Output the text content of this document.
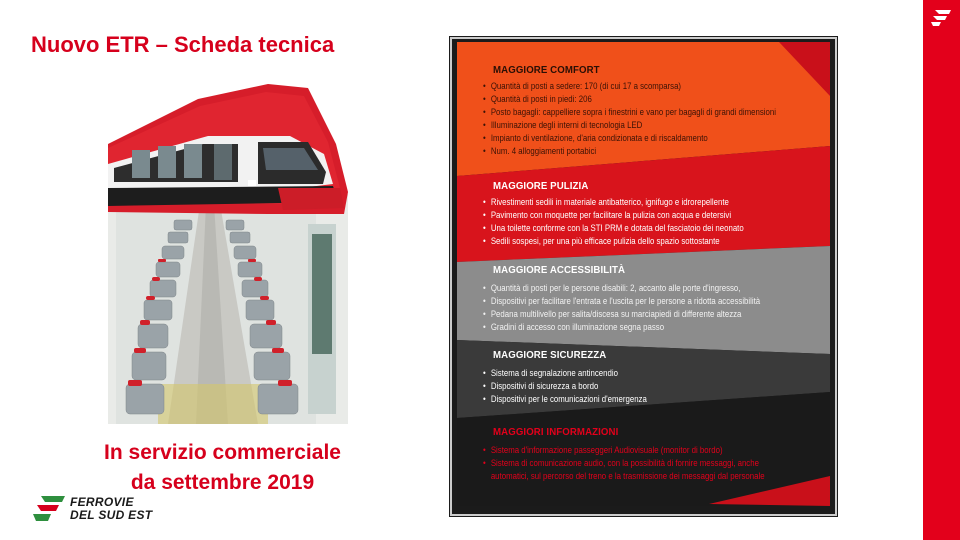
Nuovo ETR – Scheda tecnica
In servizio commerciale
da settembre 2019
FERROVIE
DEL SUD EST
MAGGIORE COMFORT
• Quantità di posti a sedere: 170 (di cui 17 a scomparsa)
• Quantità di posti in piedi: 206
• Posto bagagli: cappelliere sopra i finestrini e vano per bagagli di grandi dimensioni
• Illuminazione degli interni di tecnologia LED
• Impianto di ventilazione, d'aria condizionata e di riscaldamento
• Num. 4 alloggiamenti portabici
MAGGIORE PULIZIA
• Rivestimenti sedili in materiale antibatterico, ignifugo e idrorepellente
• Pavimento con moquette per facilitare la pulizia con acqua e detersivi
• Una toilette conforme con la STI PRM e dotata del fasciatoio dei neonato
• Sedili sospesi, per una più efficace pulizia dello spazio sottostante
MAGGIORE ACCESSIBILITÀ
• Quantità di posti per le persone disabili: 2, accanto alle porte d'ingresso,
• Dispositivi per facilitare l'entrata e l'uscita per le persone a ridotta accessibilità
• Pedana multilivello per salita/discesa su marciapiedi di differente altezza
• Gradini di accesso con illuminazione segna passo
MAGGIORE SICUREZZA
• Sistema di segnalazione antincendio
• Dispositivi di sicurezza a bordo
• Dispositivi per le comunicazioni d'emergenza
MAGGIORI INFORMAZIONI
• Sistema d'informazione passeggeri Audiovisuale (monitor di bordo)
• Sistema di comunicazione audio, con la possibilità di fornire messaggi, anche
automatici, sul percorso del treno e la trasmissione dei messaggi dal personale
